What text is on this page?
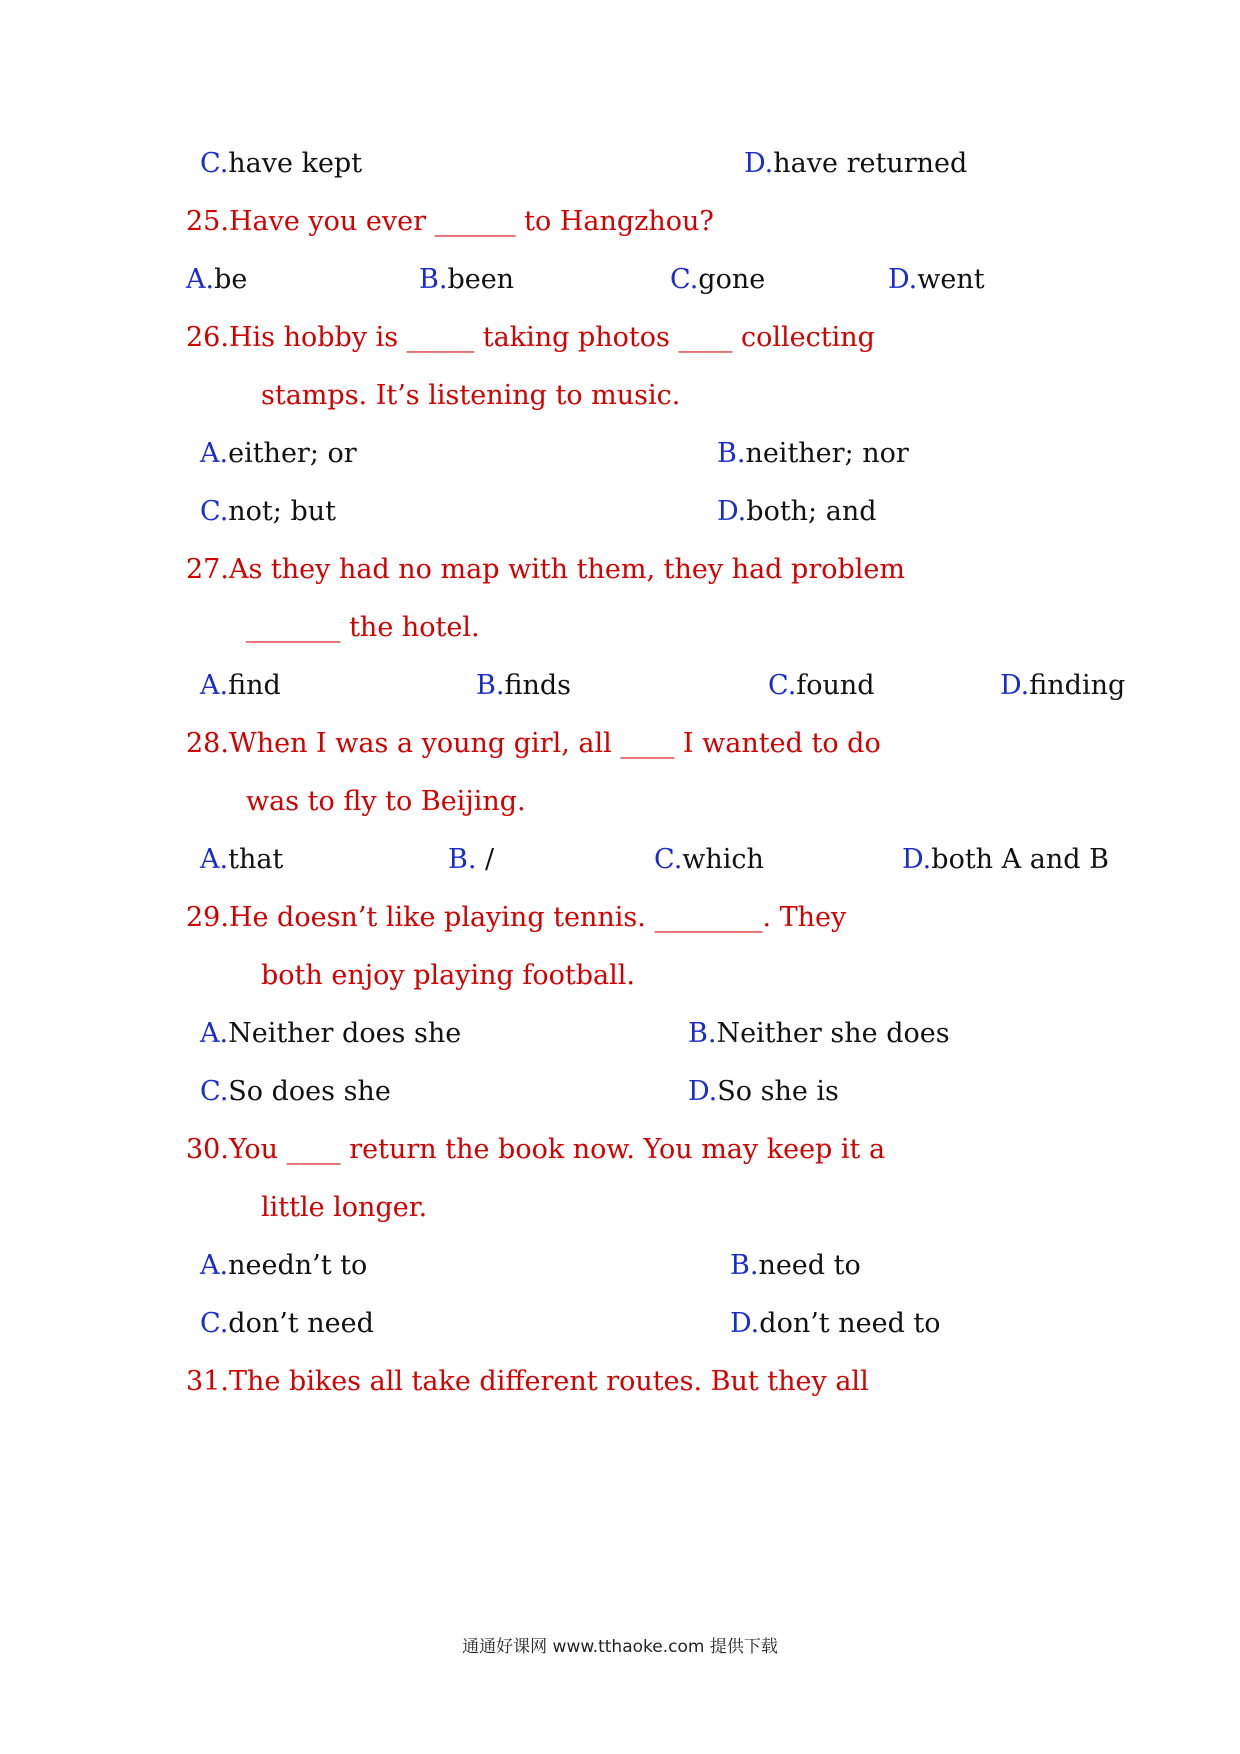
C.have kept	D.have returned
25.Have you ever ______ to Hangzhou?
A.be	B.been	C.gone	D.went
26.His hobby is _____ taking photos ____ collecting
stamps. It’s listening to music.
A.either; or	B.neither; nor
C.not; but	D.both; and
27.As they had no map with them, they had problem
_______ the hotel.
A.find	B.finds	C.found	D.finding
28.When I was a young girl, all ____ I wanted to do
was to fly to Beijing.
A.that	B. /	C.which	D.both A and B
29.He doesn’t like playing tennis. ________. They
both enjoy playing football.
A.Neither does she	B.Neither she does
C.So does she	D.So she is
30.You ____ return the book now. You may keep it a
little longer.
A.needn’t to	B.need to
C.don’t need	D.don’t need to
31.The bikes all take different routes. But they all
通通好课网 www.tthaoke.com 提供下载
